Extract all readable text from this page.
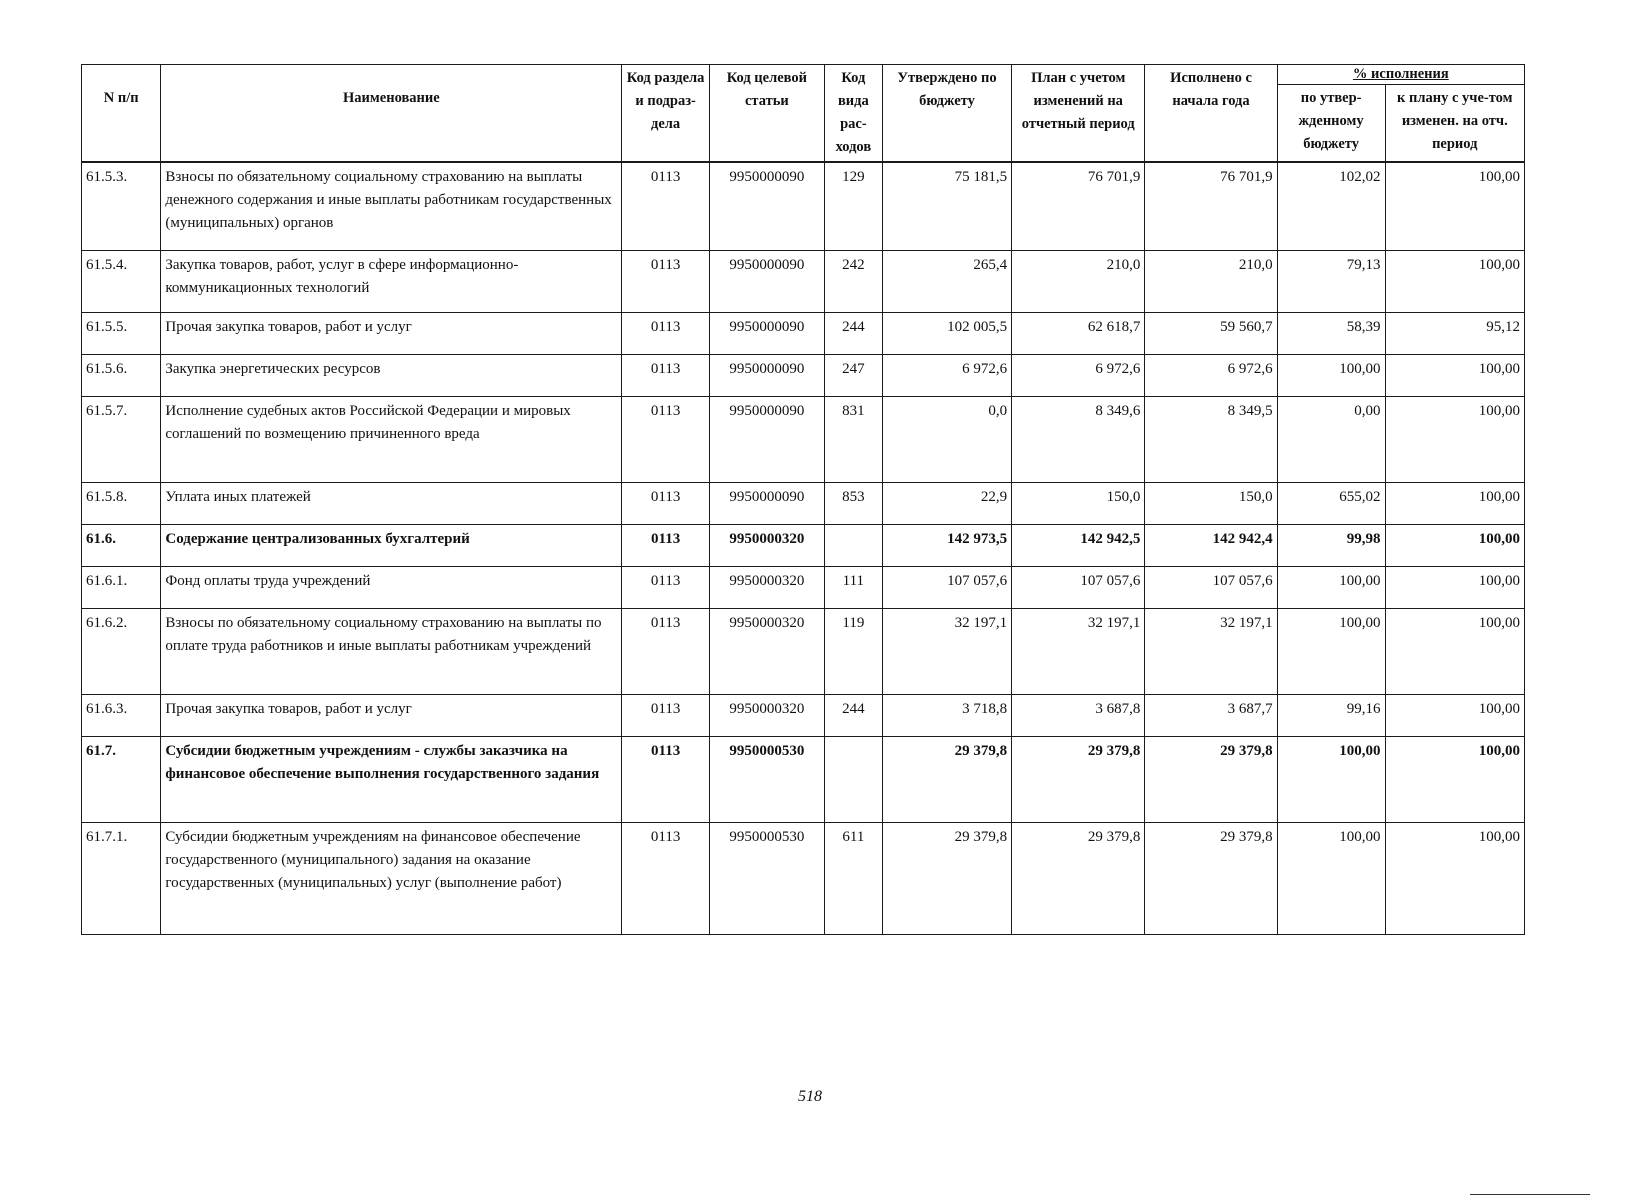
N п/п	Наименование	Код раздела и подраз-дела	Код целевой статьи	Код вида рас-ходов	Утверждено по бюджету	План с учетом изменений на отчетный период	Исполнено с начала года	% исполнения	
								по утвер-жденному бюджету	к плану с уче-том изменен. на отч. период
61.5.3.	Взносы по обязательному социальному страхованию на выплаты денежного содержания и иные выплаты работникам государственных (муниципальных) органов	0113	9950000090	129	75 181,5	76 701,9	76 701,9	102,02	100,00
61.5.4.	Закупка товаров, работ, услуг в сфере информационно-коммуникационных технологий	0113	9950000090	242	265,4	210,0	210,0	79,13	100,00
61.5.5.	Прочая закупка товаров, работ и услуг	0113	9950000090	244	102 005,5	62 618,7	59 560,7	58,39	95,12
61.5.6.	Закупка энергетических ресурсов	0113	9950000090	247	6 972,6	6 972,6	6 972,6	100,00	100,00
61.5.7.	Исполнение судебных актов Российской Федерации и мировых соглашений по возмещению причиненного вреда	0113	9950000090	831	0,0	8 349,6	8 349,5	0,00	100,00
61.5.8.	Уплата иных платежей	0113	9950000090	853	22,9	150,0	150,0	655,02	100,00
61.6.	Содержание централизованных бухгалтерий	0113	9950000320		142 973,5	142 942,5	142 942,4	99,98	100,00
61.6.1.	Фонд оплаты труда учреждений	0113	9950000320	111	107 057,6	107 057,6	107 057,6	100,00	100,00
61.6.2.	Взносы по обязательному социальному страхованию на выплаты по оплате труда работников и иные выплаты работникам учреждений	0113	9950000320	119	32 197,1	32 197,1	32 197,1	100,00	100,00
61.6.3.	Прочая закупка товаров, работ и услуг	0113	9950000320	244	3 718,8	3 687,8	3 687,7	99,16	100,00
61.7.	Субсидии бюджетным учреждениям - службы заказчика на финансовое обеспечение выполнения государственного задания	0113	9950000530		29 379,8	29 379,8	29 379,8	100,00	100,00
61.7.1.	Субсидии бюджетным учреждениям на финансовое обеспечение государственного (муниципального) задания на оказание государственных (муниципальных) услуг (выполнение работ)	0113	9950000530	611	29 379,8	29 379,8	29 379,8	100,00	100,00
518
